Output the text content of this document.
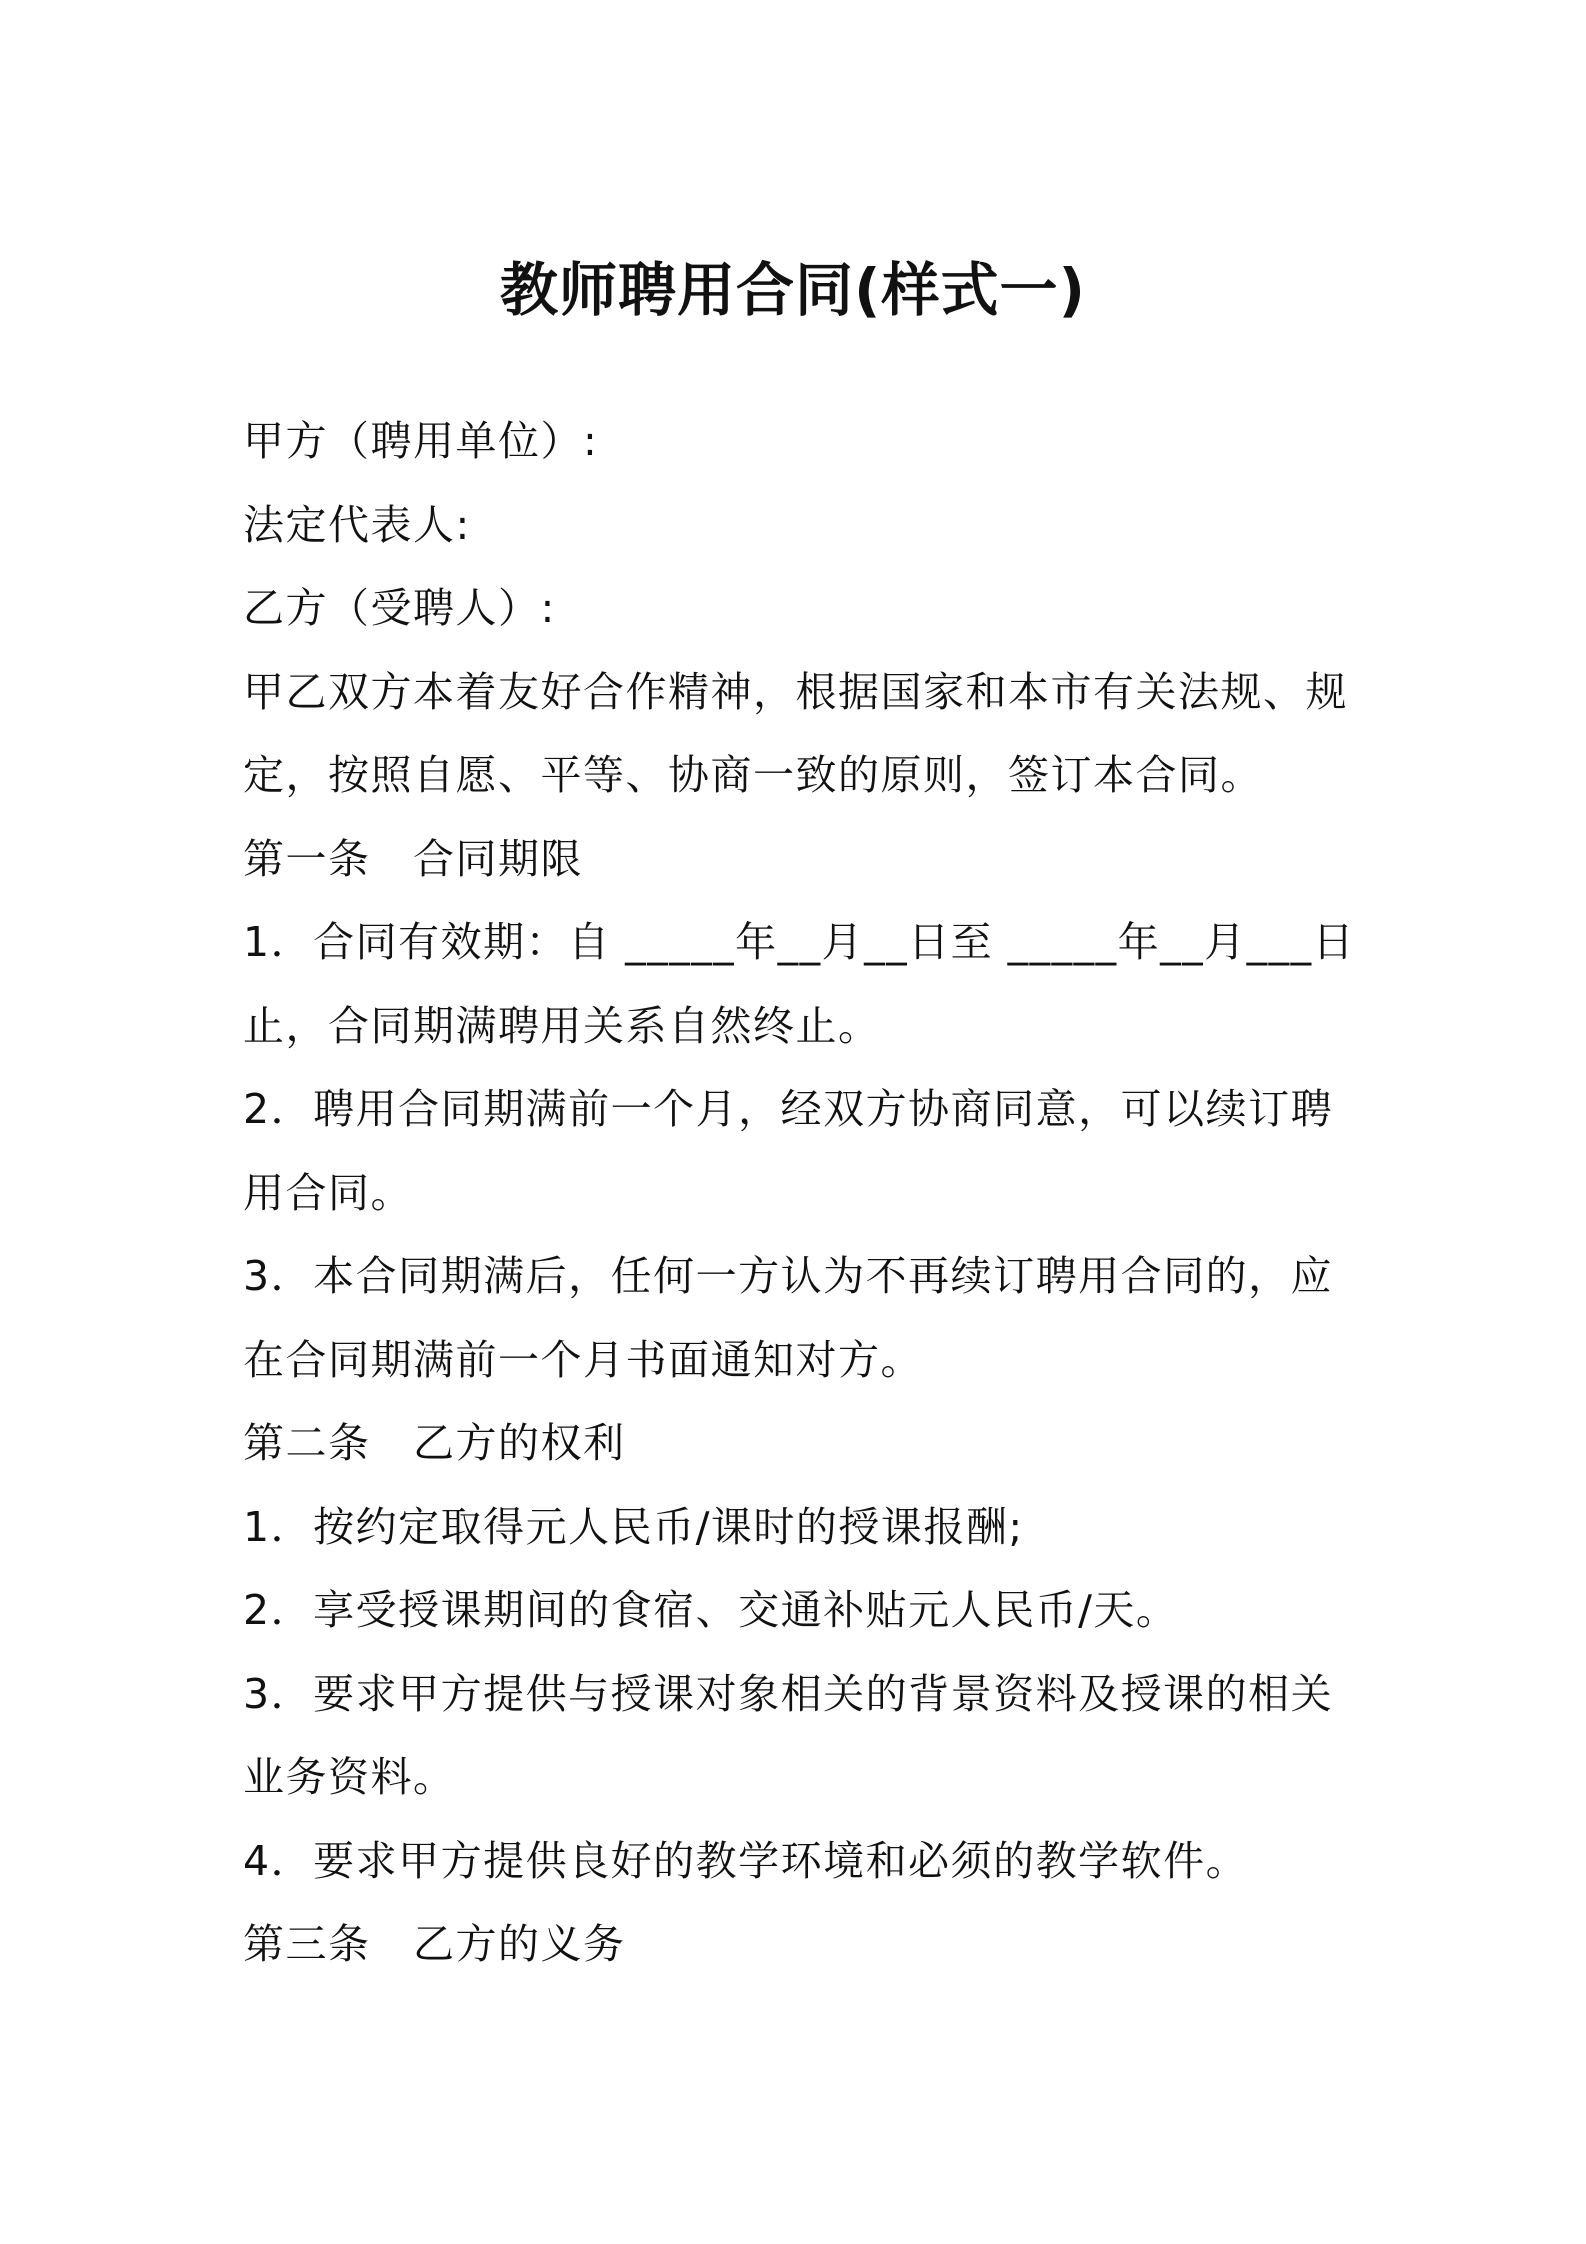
教师聘用合同(样式一)
甲方（聘用单位）:
法定代表人:
乙方（受聘人）:
甲乙双方本着友好合作精神，根据国家和本市有关法规、规
定，按照自愿、平等、协商一致的原则，签订本合同。
第一条　合同期限
1．合同有效期：自 _____年__月__日至 _____年__月___日
止，合同期满聘用关系自然终止。
2．聘用合同期满前一个月，经双方协商同意，可以续订聘
用合同。
3．本合同期满后，任何一方认为不再续订聘用合同的，应
在合同期满前一个月书面通知对方。
第二条　乙方的权利
1．按约定取得元人民币/课时的授课报酬;
2．享受授课期间的食宿、交通补贴元人民币/天。
3．要求甲方提供与授课对象相关的背景资料及授课的相关
业务资料。
4．要求甲方提供良好的教学环境和必须的教学软件。
第三条　乙方的义务
